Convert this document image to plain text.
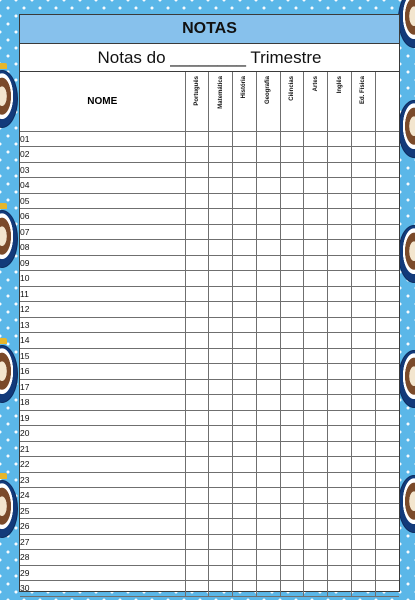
NOTAS
Notas do ________ Trimestre
NOME	Português	Matemática	História	Geografia	Ciências	Artes	Inglês	Ed. Física	

01									
02									
03									
04									
05									
06									
07									
08									
09									
10									
11									
12									
13									
14									
15									
16									
17									
18									
19									
20									
21									
22									
23									
24									
25									
26									
27									
28									
29									
30									
